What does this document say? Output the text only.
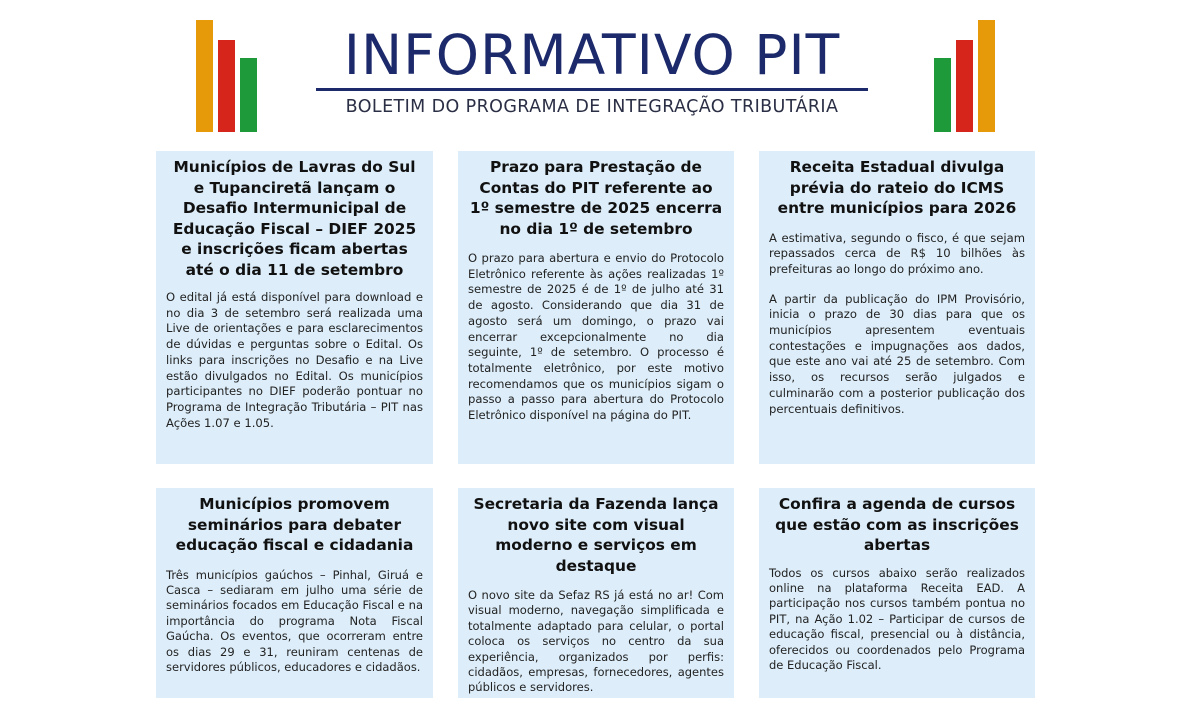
INFORMATIVO PIT
BOLETIM DO PROGRAMA DE INTEGRAÇÃO TRIBUTÁRIA
Municípios de Lavras do Sul e Tupanciretã lançam o Desafio Intermunicipal de Educação Fiscal – DIEF 2025 e inscrições ficam abertas até o dia 11 de setembro

O edital já está disponível para download e no dia 3 de setembro será realizada uma Live de orientações e para esclarecimentos de dúvidas e perguntas sobre o Edital. Os links para inscrições no Desafio e na Live estão divulgados no Edital. Os municípios participantes no DIEF poderão pontuar no Programa de Integração Tributária – PIT nas Ações 1.07 e 1.05.

Prazo para Prestação de Contas do PIT referente ao 1º semestre de 2025 encerra no dia 1º de setembro

O prazo para abertura e envio do Protocolo Eletrônico referente às ações realizadas 1º semestre de 2025 é de 1º de julho até 31 de agosto. Considerando que dia 31 de agosto será um domingo, o prazo vai encerrar excepcionalmente no dia seguinte, 1º de setembro. O processo é totalmente eletrônico, por este motivo recomendamos que os municípios sigam o passo a passo para abertura do Protocolo Eletrônico disponível na página do PIT.

Receita Estadual divulga prévia do rateio do ICMS entre municípios para 2026

A estimativa, segundo o fisco, é que sejam repassados cerca de R$ 10 bilhões às prefeituras ao longo do próximo ano.

A partir da publicação do IPM Provisório, inicia o prazo de 30 dias para que os municípios apresentem eventuais contestações e impugnações aos dados, que este ano vai até 25 de setembro. Com isso, os recursos serão julgados e culminarão com a posterior publicação dos percentuais definitivos.

Municípios promovem seminários para debater educação fiscal e cidadania

Três municípios gaúchos – Pinhal, Giruá e Casca – sediaram em julho uma série de seminários focados em Educação Fiscal e na importância do programa Nota Fiscal Gaúcha. Os eventos, que ocorreram entre os dias 29 e 31, reuniram centenas de servidores públicos, educadores e cidadãos.

Secretaria da Fazenda lança novo site com visual moderno e serviços em destaque

O novo site da Sefaz RS já está no ar! Com visual moderno, navegação simplificada e totalmente adaptado para celular, o portal coloca os serviços no centro da sua experiência, organizados por perfis: cidadãos, empresas, fornecedores, agentes públicos e servidores.

Confira a agenda de cursos que estão com as inscrições abertas

Todos os cursos abaixo serão realizados online na plataforma Receita EAD. A participação nos cursos também pontua no PIT, na Ação 1.02 – Participar de cursos de educação fiscal, presencial ou à distância, oferecidos ou coordenados pelo Programa de Educação Fiscal.
